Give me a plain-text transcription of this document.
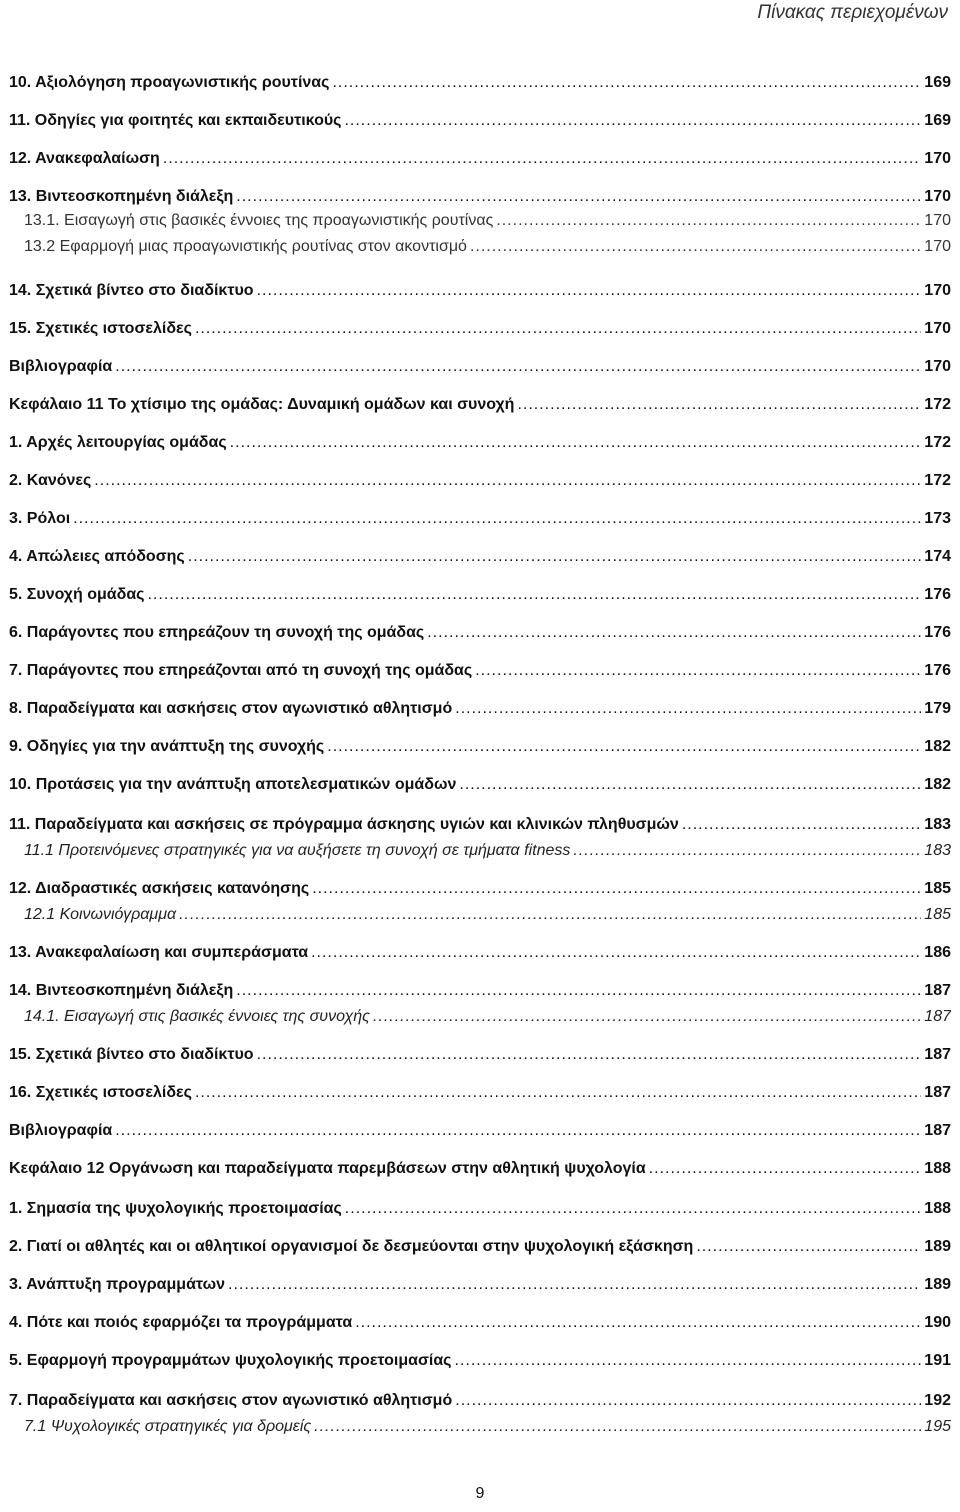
Πίνακας περιεχομένων
10. Αξιολόγηση προαγωνιστικής ρουτίνας .....	169
11. Οδηγίες για φοιτητές και εκπαιδευτικούς .....	169
12. Ανακεφαλαίωση .....	170
13. Βιντεοσκοπημένη διάλεξη .....	170
13.1. Εισαγωγή στις βασικές έννοιες της προαγωνιστικής ρουτίνας .....	170
13.2 Εφαρμογή μιας προαγωνιστικής ρουτίνας στον ακοντισμό .....	170
14. Σχετικά βίντεο στο διαδίκτυο .....	170
15. Σχετικές ιστοσελίδες .....	170
Βιβλιογραφία .....	170
Κεφάλαιο 11 Το χτίσιμο της ομάδας: Δυναμική ομάδων και συνοχή .....	172
1. Αρχές λειτουργίας ομάδας .....	172
2. Κανόνες .....	172
3. Ρόλοι .....	173
4. Απώλειες απόδοσης .....	174
5. Συνοχή ομάδας .....	176
6. Παράγοντες που επηρεάζουν τη συνοχή της ομάδας .....	176
7. Παράγοντες που επηρεάζονται από τη συνοχή της ομάδας .....	176
8. Παραδείγματα και ασκήσεις στον αγωνιστικό αθλητισμό .....	179
9. Οδηγίες για την ανάπτυξη της συνοχής .....	182
10. Προτάσεις για την ανάπτυξη αποτελεσματικών ομάδων .....	182
11. Παραδείγματα και ασκήσεις σε πρόγραμμα άσκησης υγιών και κλινικών πληθυσμών .....	183
11.1 Προτεινόμενες στρατηγικές για να αυξήσετε τη συνοχή σε τμήματα fitness .....	183
12. Διαδραστικές ασκήσεις κατανόησης .....	185
12.1 Κοινωνιόγραμμα .....	185
13. Ανακεφαλαίωση και συμπεράσματα .....	186
14. Βιντεοσκοπημένη διάλεξη .....	187
14.1. Εισαγωγή στις βασικές έννοιες της συνοχής .....	187
15. Σχετικά βίντεο στο διαδίκτυο .....	187
16. Σχετικές ιστοσελίδες .....	187
Βιβλιογραφία .....	187
Κεφάλαιο 12 Οργάνωση και παραδείγματα παρεμβάσεων στην αθλητική ψυχολογία .....	188
1. Σημασία της ψυχολογικής προετοιμασίας .....	188
2. Γιατί οι αθλητές και οι αθλητικοί οργανισμοί δε δεσμεύονται στην ψυχολογική εξάσκηση .....	189
3. Ανάπτυξη προγραμμάτων .....	189
4. Πότε και ποιός εφαρμόζει τα προγράμματα .....	190
5. Εφαρμογή προγραμμάτων ψυχολογικής προετοιμασίας .....	191
7. Παραδείγματα και ασκήσεις στον αγωνιστικό αθλητισμό .....	192
7.1 Ψυχολογικές στρατηγικές για δρομείς .....	195
9
